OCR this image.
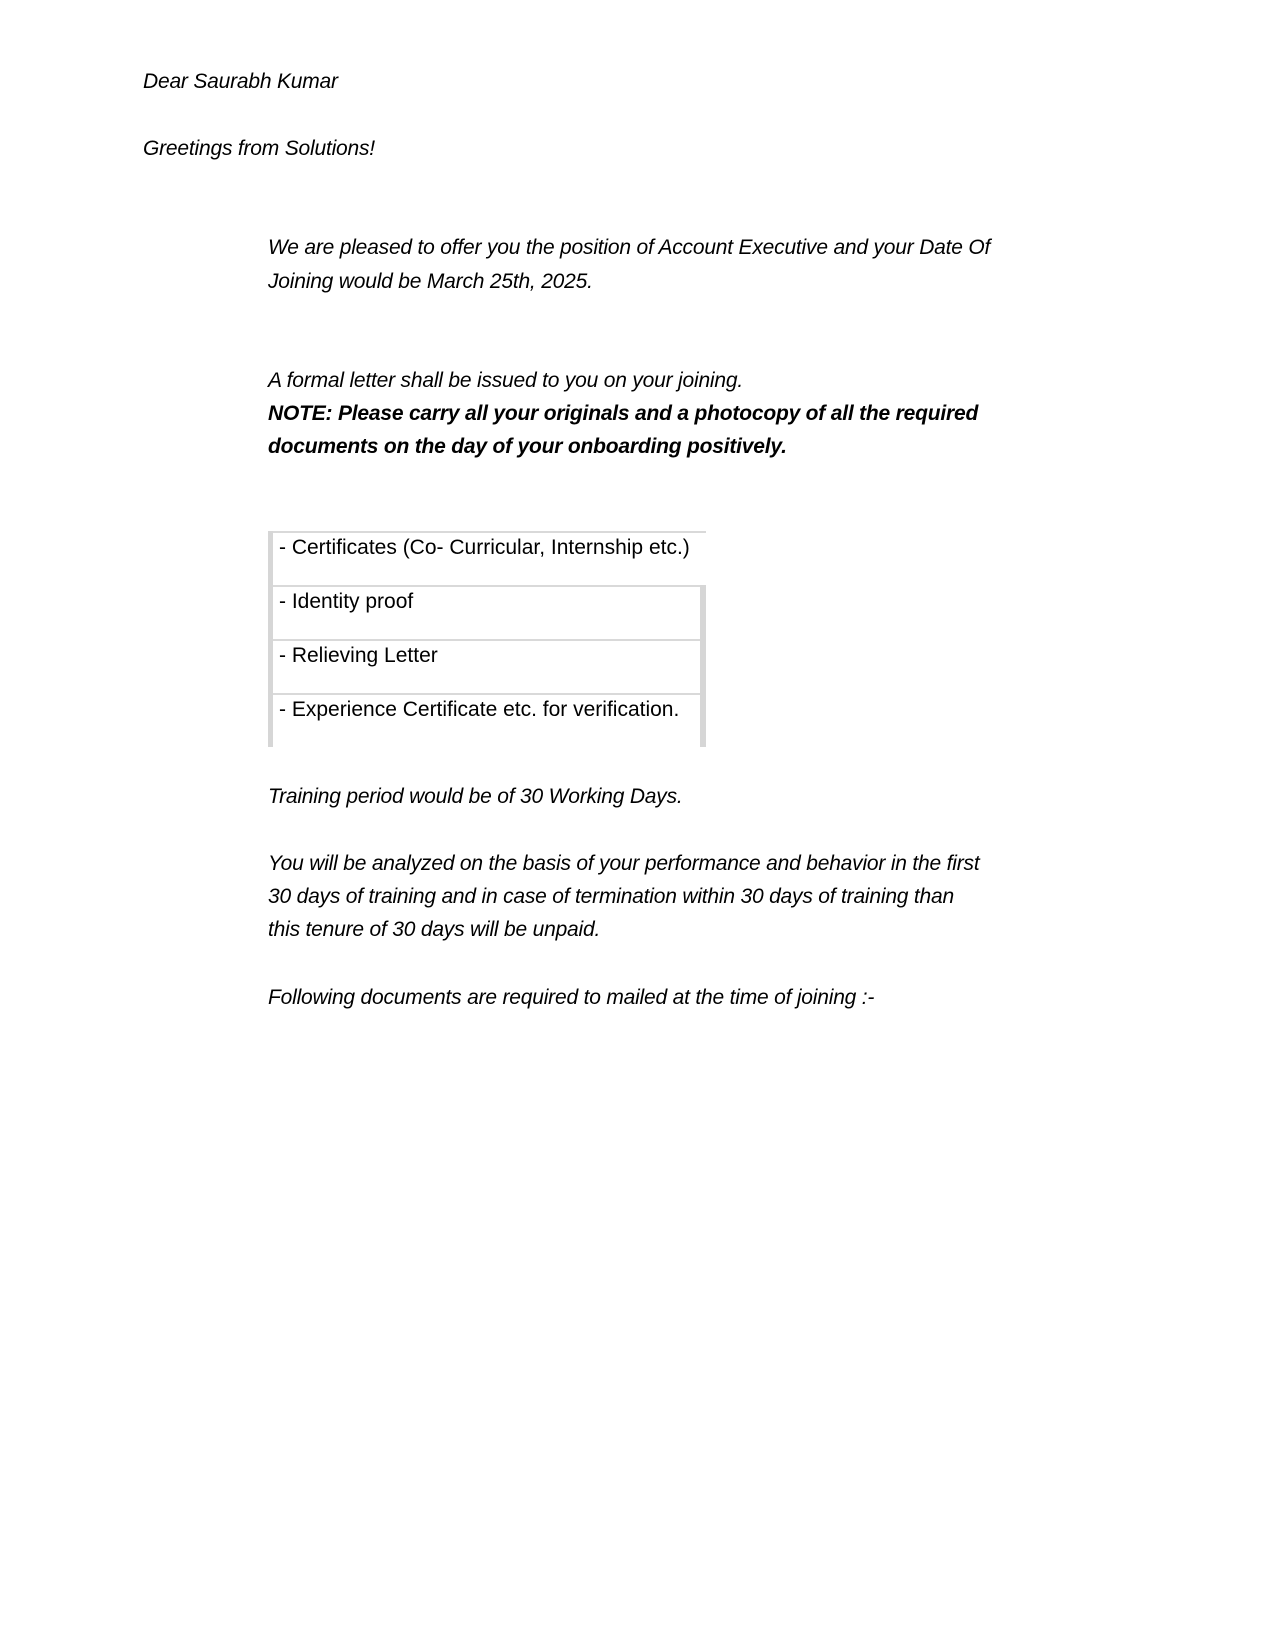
Dear Saurabh Kumar
Greetings from Solutions!
We are pleased to offer you the position of Account Executive and your Date Of
Joining would be March 25th, 2025.
A formal letter shall be issued to you on your joining.
NOTE: Please carry all your originals and a photocopy of all the required
documents on the day of your onboarding positively.
- Certificates (Co- Curricular, Internship etc.)
- Identity proof
- Relieving Letter
- Experience Certificate etc. for verification.
Training period would be of 30 Working Days.
You will be analyzed on the basis of your performance and behavior in the first
30 days of training and in case of termination within 30 days of training than
this tenure of 30 days will be unpaid.
Following documents are required to mailed at the time of joining :-
